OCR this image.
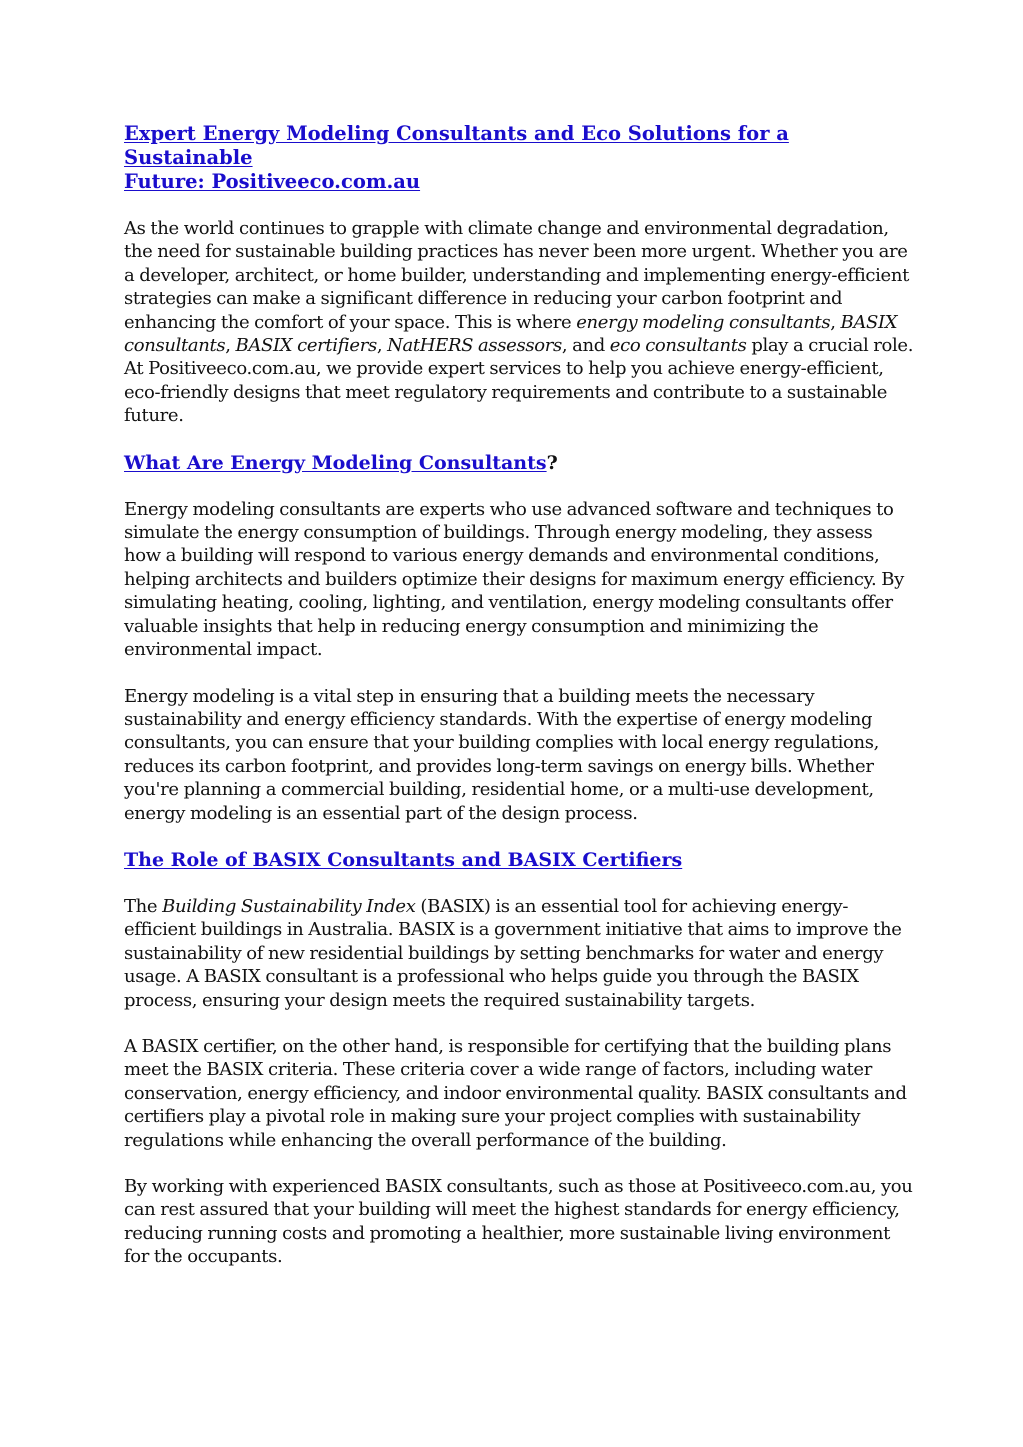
Expert Energy Modeling Consultants and Eco Solutions for a Sustainable
Future: Positiveeco.com.au

As the world continues to grapple with climate change and environmental degradation, the need for sustainable building practices has never been more urgent. Whether you are a developer, architect, or home builder, understanding and implementing energy-efficient strategies can make a significant difference in reducing your carbon footprint and enhancing the comfort of your space. This is where energy modeling consultants, BASIX consultants, BASIX certifiers, NatHERS assessors, and eco consultants play a crucial role. At Positiveeco.com.au, we provide expert services to help you achieve energy-efficient, eco-friendly designs that meet regulatory requirements and contribute to a sustainable future.

What Are Energy Modeling Consultants?

Energy modeling consultants are experts who use advanced software and techniques to simulate the energy consumption of buildings. Through energy modeling, they assess how a building will respond to various energy demands and environmental conditions, helping architects and builders optimize their designs for maximum energy efficiency. By simulating heating, cooling, lighting, and ventilation, energy modeling consultants offer valuable insights that help in reducing energy consumption and minimizing the environmental impact.

Energy modeling is a vital step in ensuring that a building meets the necessary sustainability and energy efficiency standards. With the expertise of energy modeling consultants, you can ensure that your building complies with local energy regulations, reduces its carbon footprint, and provides long-term savings on energy bills. Whether you're planning a commercial building, residential home, or a multi-use development, energy modeling is an essential part of the design process.

The Role of BASIX Consultants and BASIX Certifiers

The Building Sustainability Index (BASIX) is an essential tool for achieving energy-efficient buildings in Australia. BASIX is a government initiative that aims to improve the sustainability of new residential buildings by setting benchmarks for water and energy usage. A BASIX consultant is a professional who helps guide you through the BASIX process, ensuring your design meets the required sustainability targets.

A BASIX certifier, on the other hand, is responsible for certifying that the building plans meet the BASIX criteria. These criteria cover a wide range of factors, including water conservation, energy efficiency, and indoor environmental quality. BASIX consultants and certifiers play a pivotal role in making sure your project complies with sustainability regulations while enhancing the overall performance of the building.

By working with experienced BASIX consultants, such as those at Positiveeco.com.au, you can rest assured that your building will meet the highest standards for energy efficiency, reducing running costs and promoting a healthier, more sustainable living environment for the occupants.
